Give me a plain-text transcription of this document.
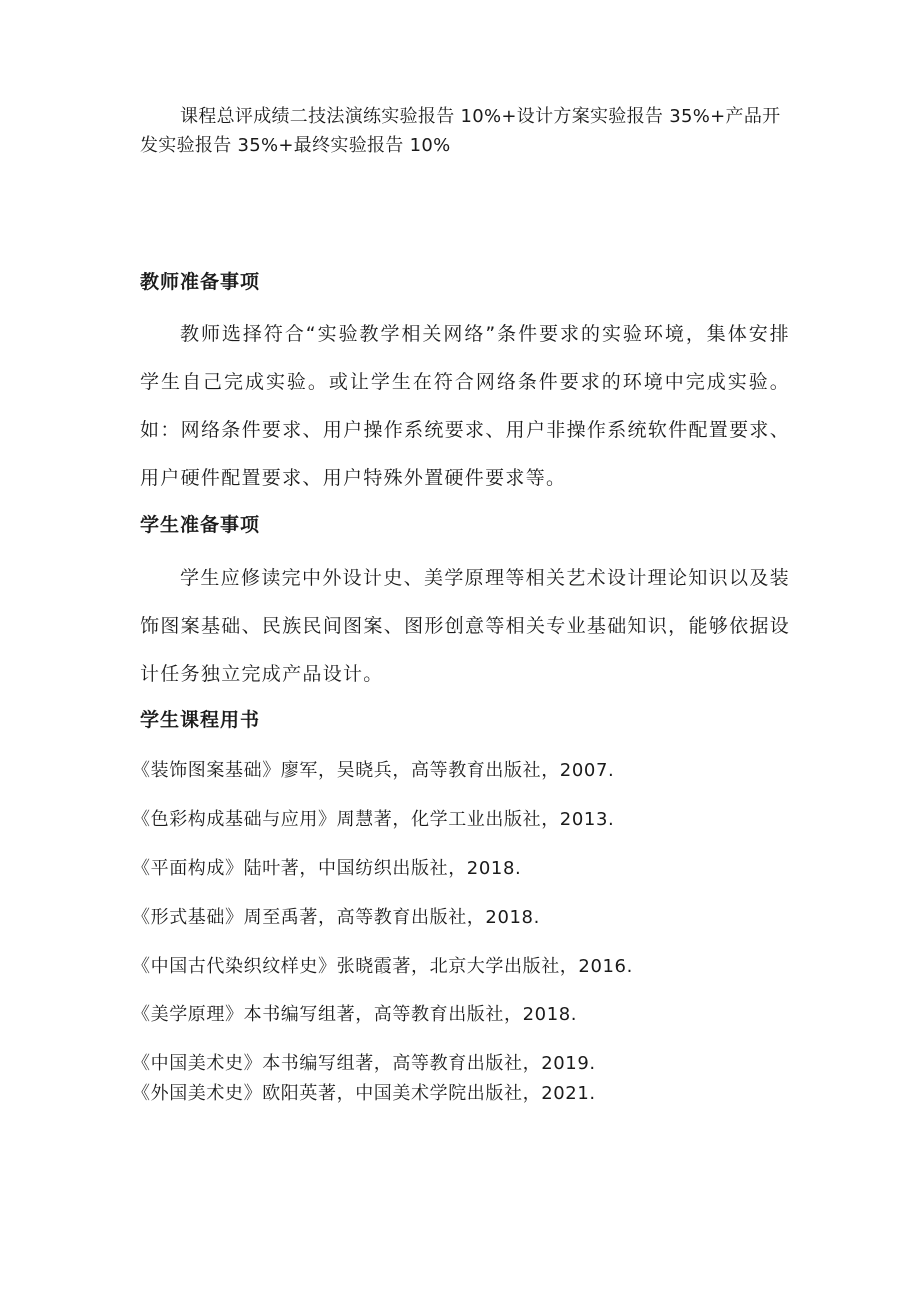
课程总评成绩二技法演练实验报告 10%+设计方案实验报告 35%+产品开发实验报告 35%+最终实验报告 10%

教师准备事项

教师选择符合“实验教学相关网络”条件要求的实验环境，集体安排学生自己完成实验。或让学生在符合网络条件要求的环境中完成实验。如：网络条件要求、用户操作系统要求、用户非操作系统软件配置要求、用户硬件配置要求、用户特殊外置硬件要求等。

学生准备事项

学生应修读完中外设计史、美学原理等相关艺术设计理论知识以及装饰图案基础、民族民间图案、图形创意等相关专业基础知识，能够依据设计任务独立完成产品设计。

学生课程用书

《装饰图案基础》廖军，吴晓兵，高等教育出版社，2007.

《色彩构成基础与应用》周慧著，化学工业出版社，2013.

《平面构成》陆叶著，中国纺织出版社，2018.

《形式基础》周至禹著，高等教育出版社，2018.

《中国古代染织纹样史》张晓霞著，北京大学出版社，2016.

《美学原理》本书编写组著，高等教育出版社，2018.

《中国美术史》本书编写组著，高等教育出版社，2019.

《外国美术史》欧阳英著，中国美术学院出版社，2021.
